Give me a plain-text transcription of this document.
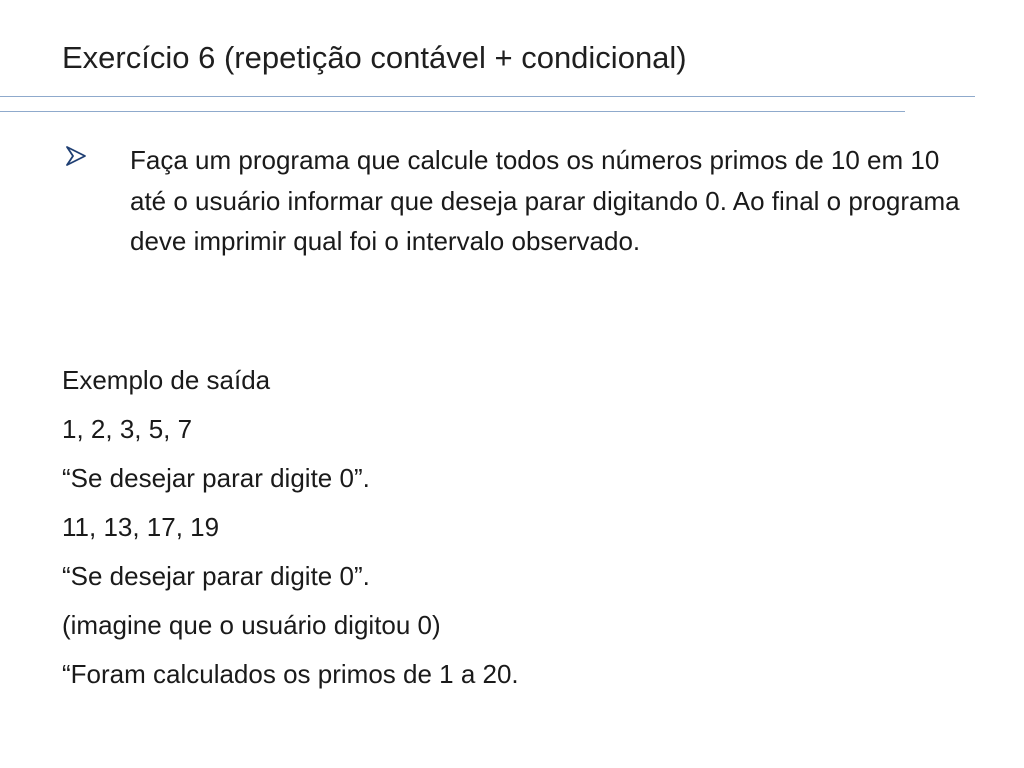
Exercício 6 (repetição contável + condicional)
Faça um programa que calcule todos os números primos de 10 em 10 até o usuário informar que deseja parar digitando 0. Ao final o programa deve imprimir qual foi o intervalo observado.
Exemplo de saída
1, 2, 3, 5, 7
“Se desejar parar digite 0”.
11, 13, 17, 19
“Se desejar parar digite 0”.
(imagine que o usuário digitou 0)
“Foram calculados os primos de 1 a 20.
